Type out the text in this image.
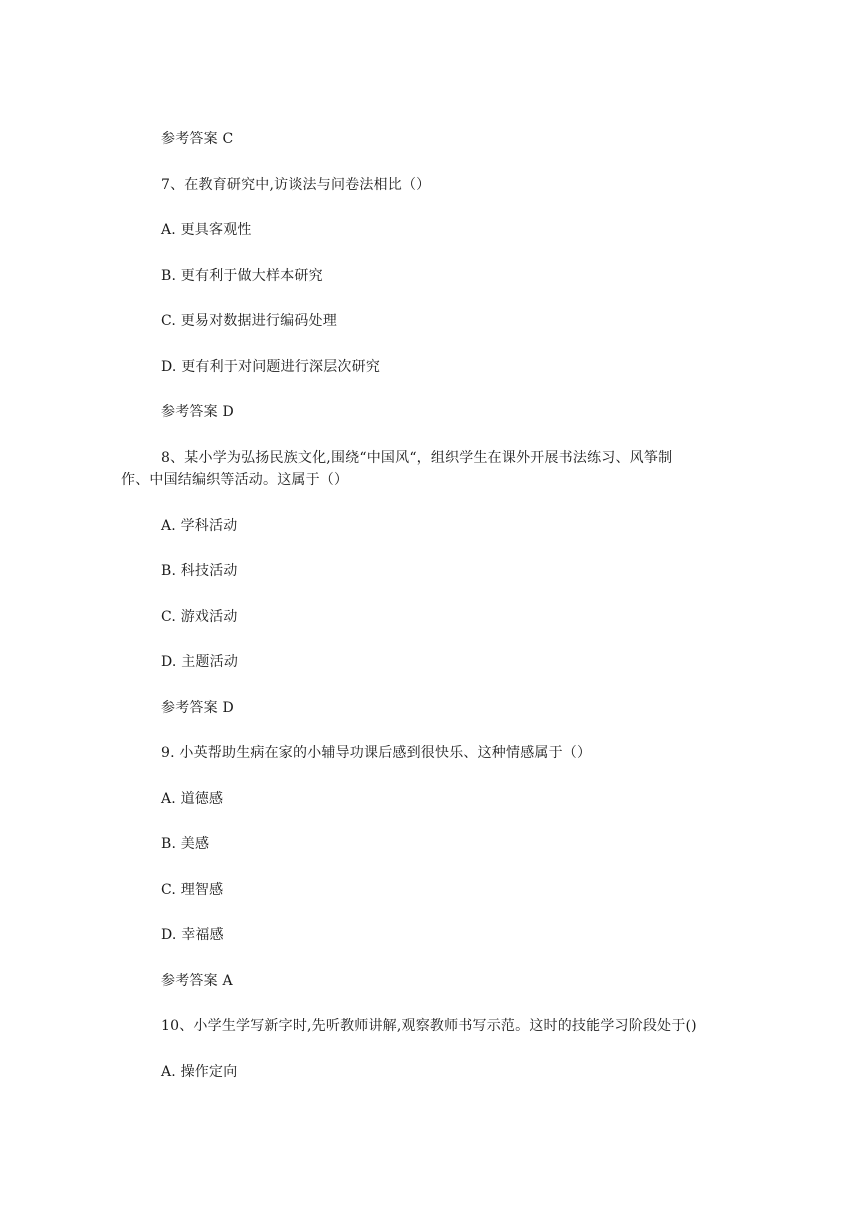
参考答案 C
7、在教育研究中,访谈法与问卷法相比（）
A. 更具客观性
B. 更有利于做大样本研究
C. 更易对数据进行编码处理
D. 更有利于对问题进行深层次研究
参考答案 D
8、某小学为弘扬民族文化,围绕“中国风“，组织学生在课外开展书法练习、风筝制
作、中国结编织等活动。这属于（）
A. 学科活动
B. 科技活动
C. 游戏活动
D. 主题活动
参考答案 D
9. 小英帮助生病在家的小辅导功课后感到很快乐、这种情感属于（）
A. 道德感
B. 美感
C. 理智感
D. 幸福感
参考答案 A
10、小学生学写新字时,先听教师讲解,观察教师书写示范。这时的技能学习阶段处于()
A. 操作定向
